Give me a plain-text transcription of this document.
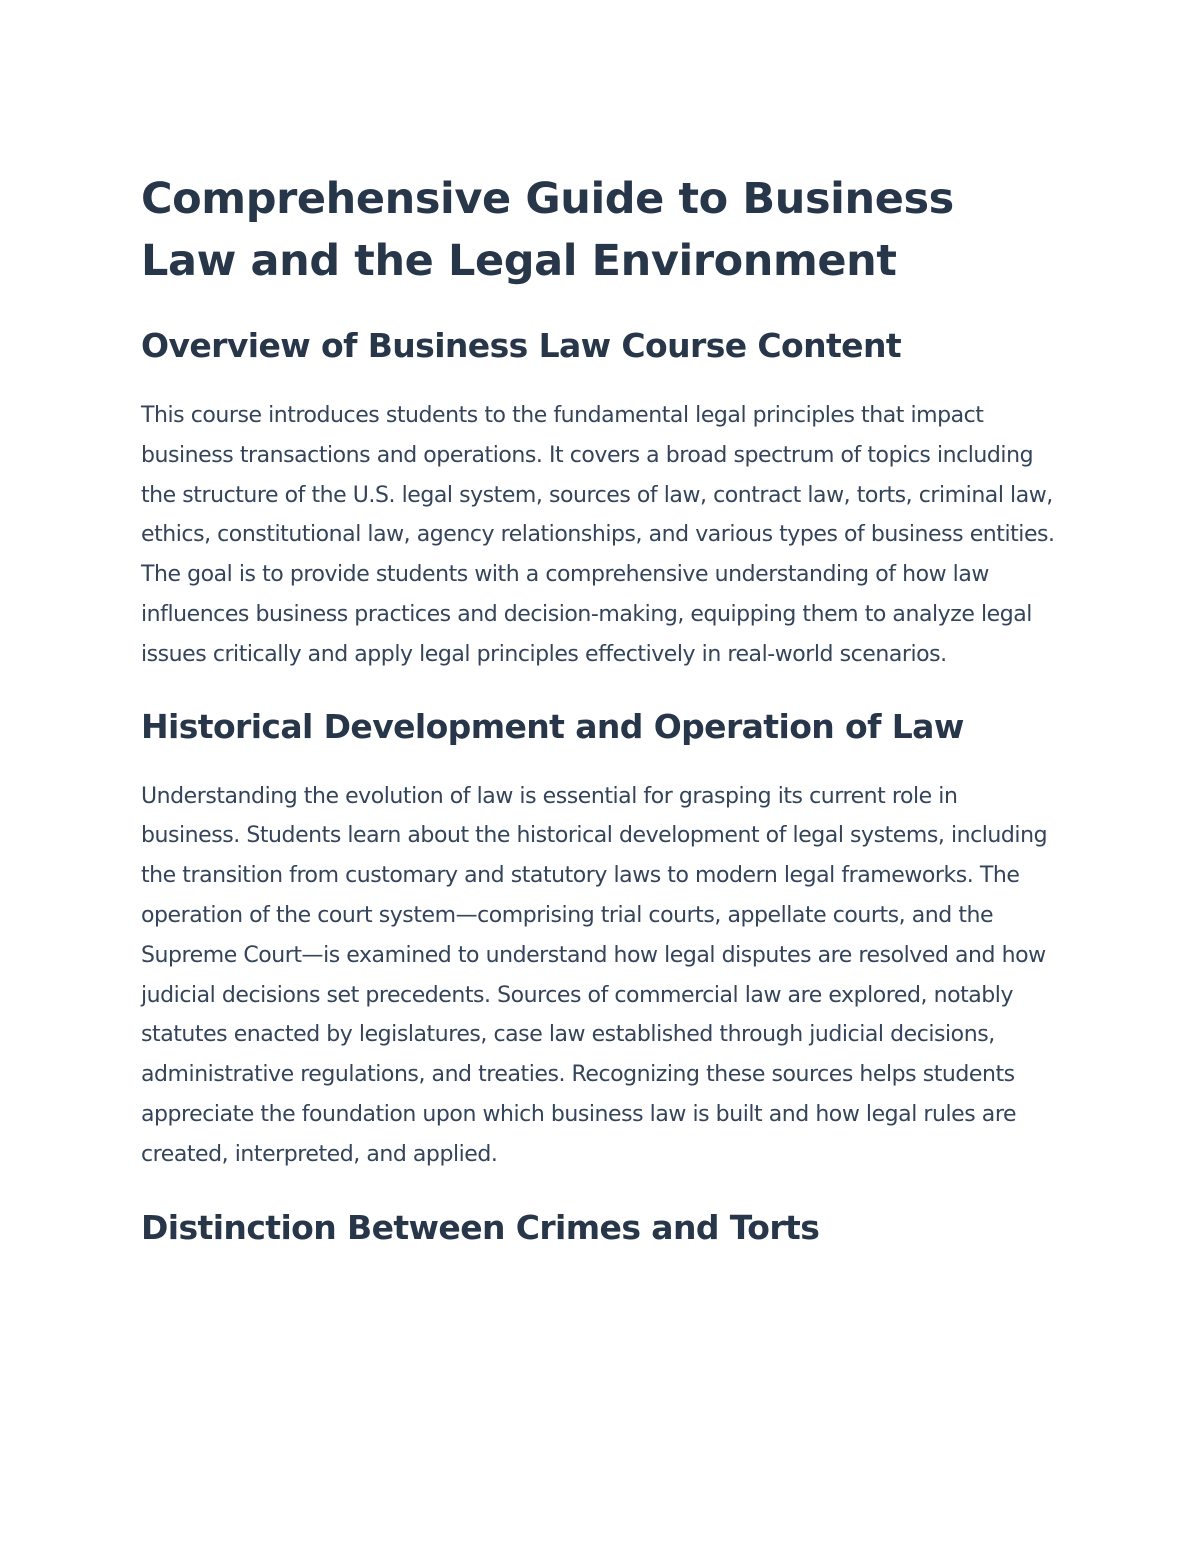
Comprehensive Guide to Business Law and the Legal Environment
Overview of Business Law Course Content

This course introduces students to the fundamental legal principles that impact business transactions and operations. It covers a broad spectrum of topics including the structure of the U.S. legal system, sources of law, contract law, torts, criminal law, ethics, constitutional law, agency relationships, and various types of business entities. The goal is to provide students with a comprehensive understanding of how law influences business practices and decision-making, equipping them to analyze legal issues critically and apply legal principles effectively in real-world scenarios.

Historical Development and Operation of Law

Understanding the evolution of law is essential for grasping its current role in business. Students learn about the historical development of legal systems, including the transition from customary and statutory laws to modern legal frameworks. The operation of the court system—comprising trial courts, appellate courts, and the Supreme Court—is examined to understand how legal disputes are resolved and how judicial decisions set precedents. Sources of commercial law are explored, notably statutes enacted by legislatures, case law established through judicial decisions, administrative regulations, and treaties. Recognizing these sources helps students appreciate the foundation upon which business law is built and how legal rules are created, interpreted, and applied.

Distinction Between Crimes and Torts
